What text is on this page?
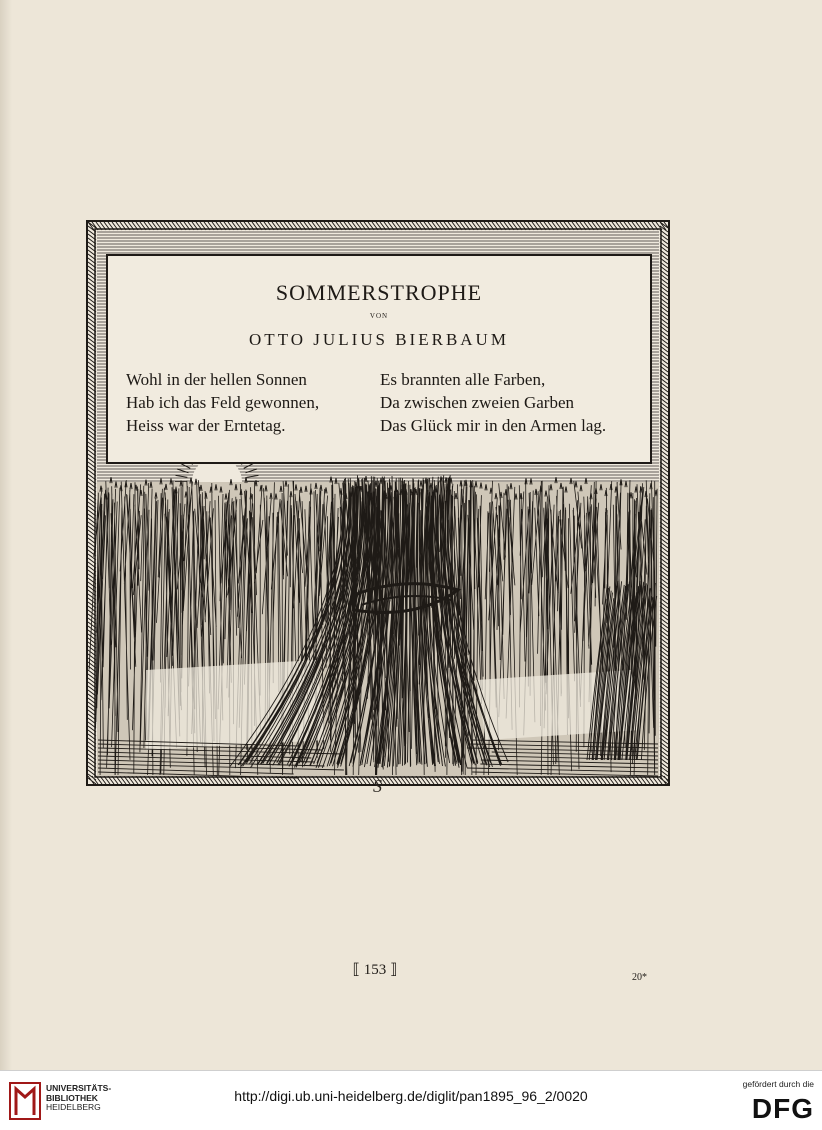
SOMMERSTROPHE
VON
OTTO JULIUS BIERBAUM
Wohl in der hellen Sonnen
Hab ich das Feld gewonnen,
Heiss war der Erntetag.
Es brannten alle Farben,
Da zwischen zweien Garben
Das Glück mir in den Armen lag.
S
⟦ 153 ⟧	20*
UNIVERSITÄTS-
BIBLIOTHEK
HEIDELBERG
http://digi.ub.uni-heidelberg.de/diglit/pan1895_96_2/0020
gefördert durch die
DFG
